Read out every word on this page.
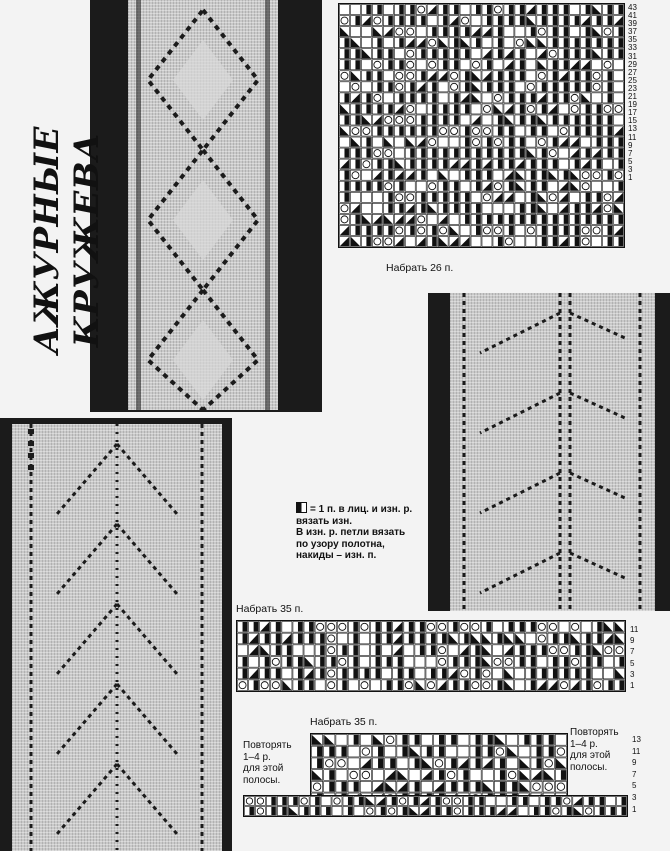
АЖУРНЫЕ КРУЖЕВА
43
41
39
37
35
33
31
29
27
25
23
21
19
17
15
13
11
9
7
5
3
1
Набрать 26 п.
= 1 п. в лиц. и изн. р.
вязать изн.
В изн. р. петли вязать
по узору полотна,
накиды – изн. п.
Набрать 35 п.
11
9
7
5
3
1
Набрать 35 п.
Повторять
1–4 р.
для этой
полосы.
Повторять
1–4 р.
для этой
полосы.
13
11
9
7
5
3
1
